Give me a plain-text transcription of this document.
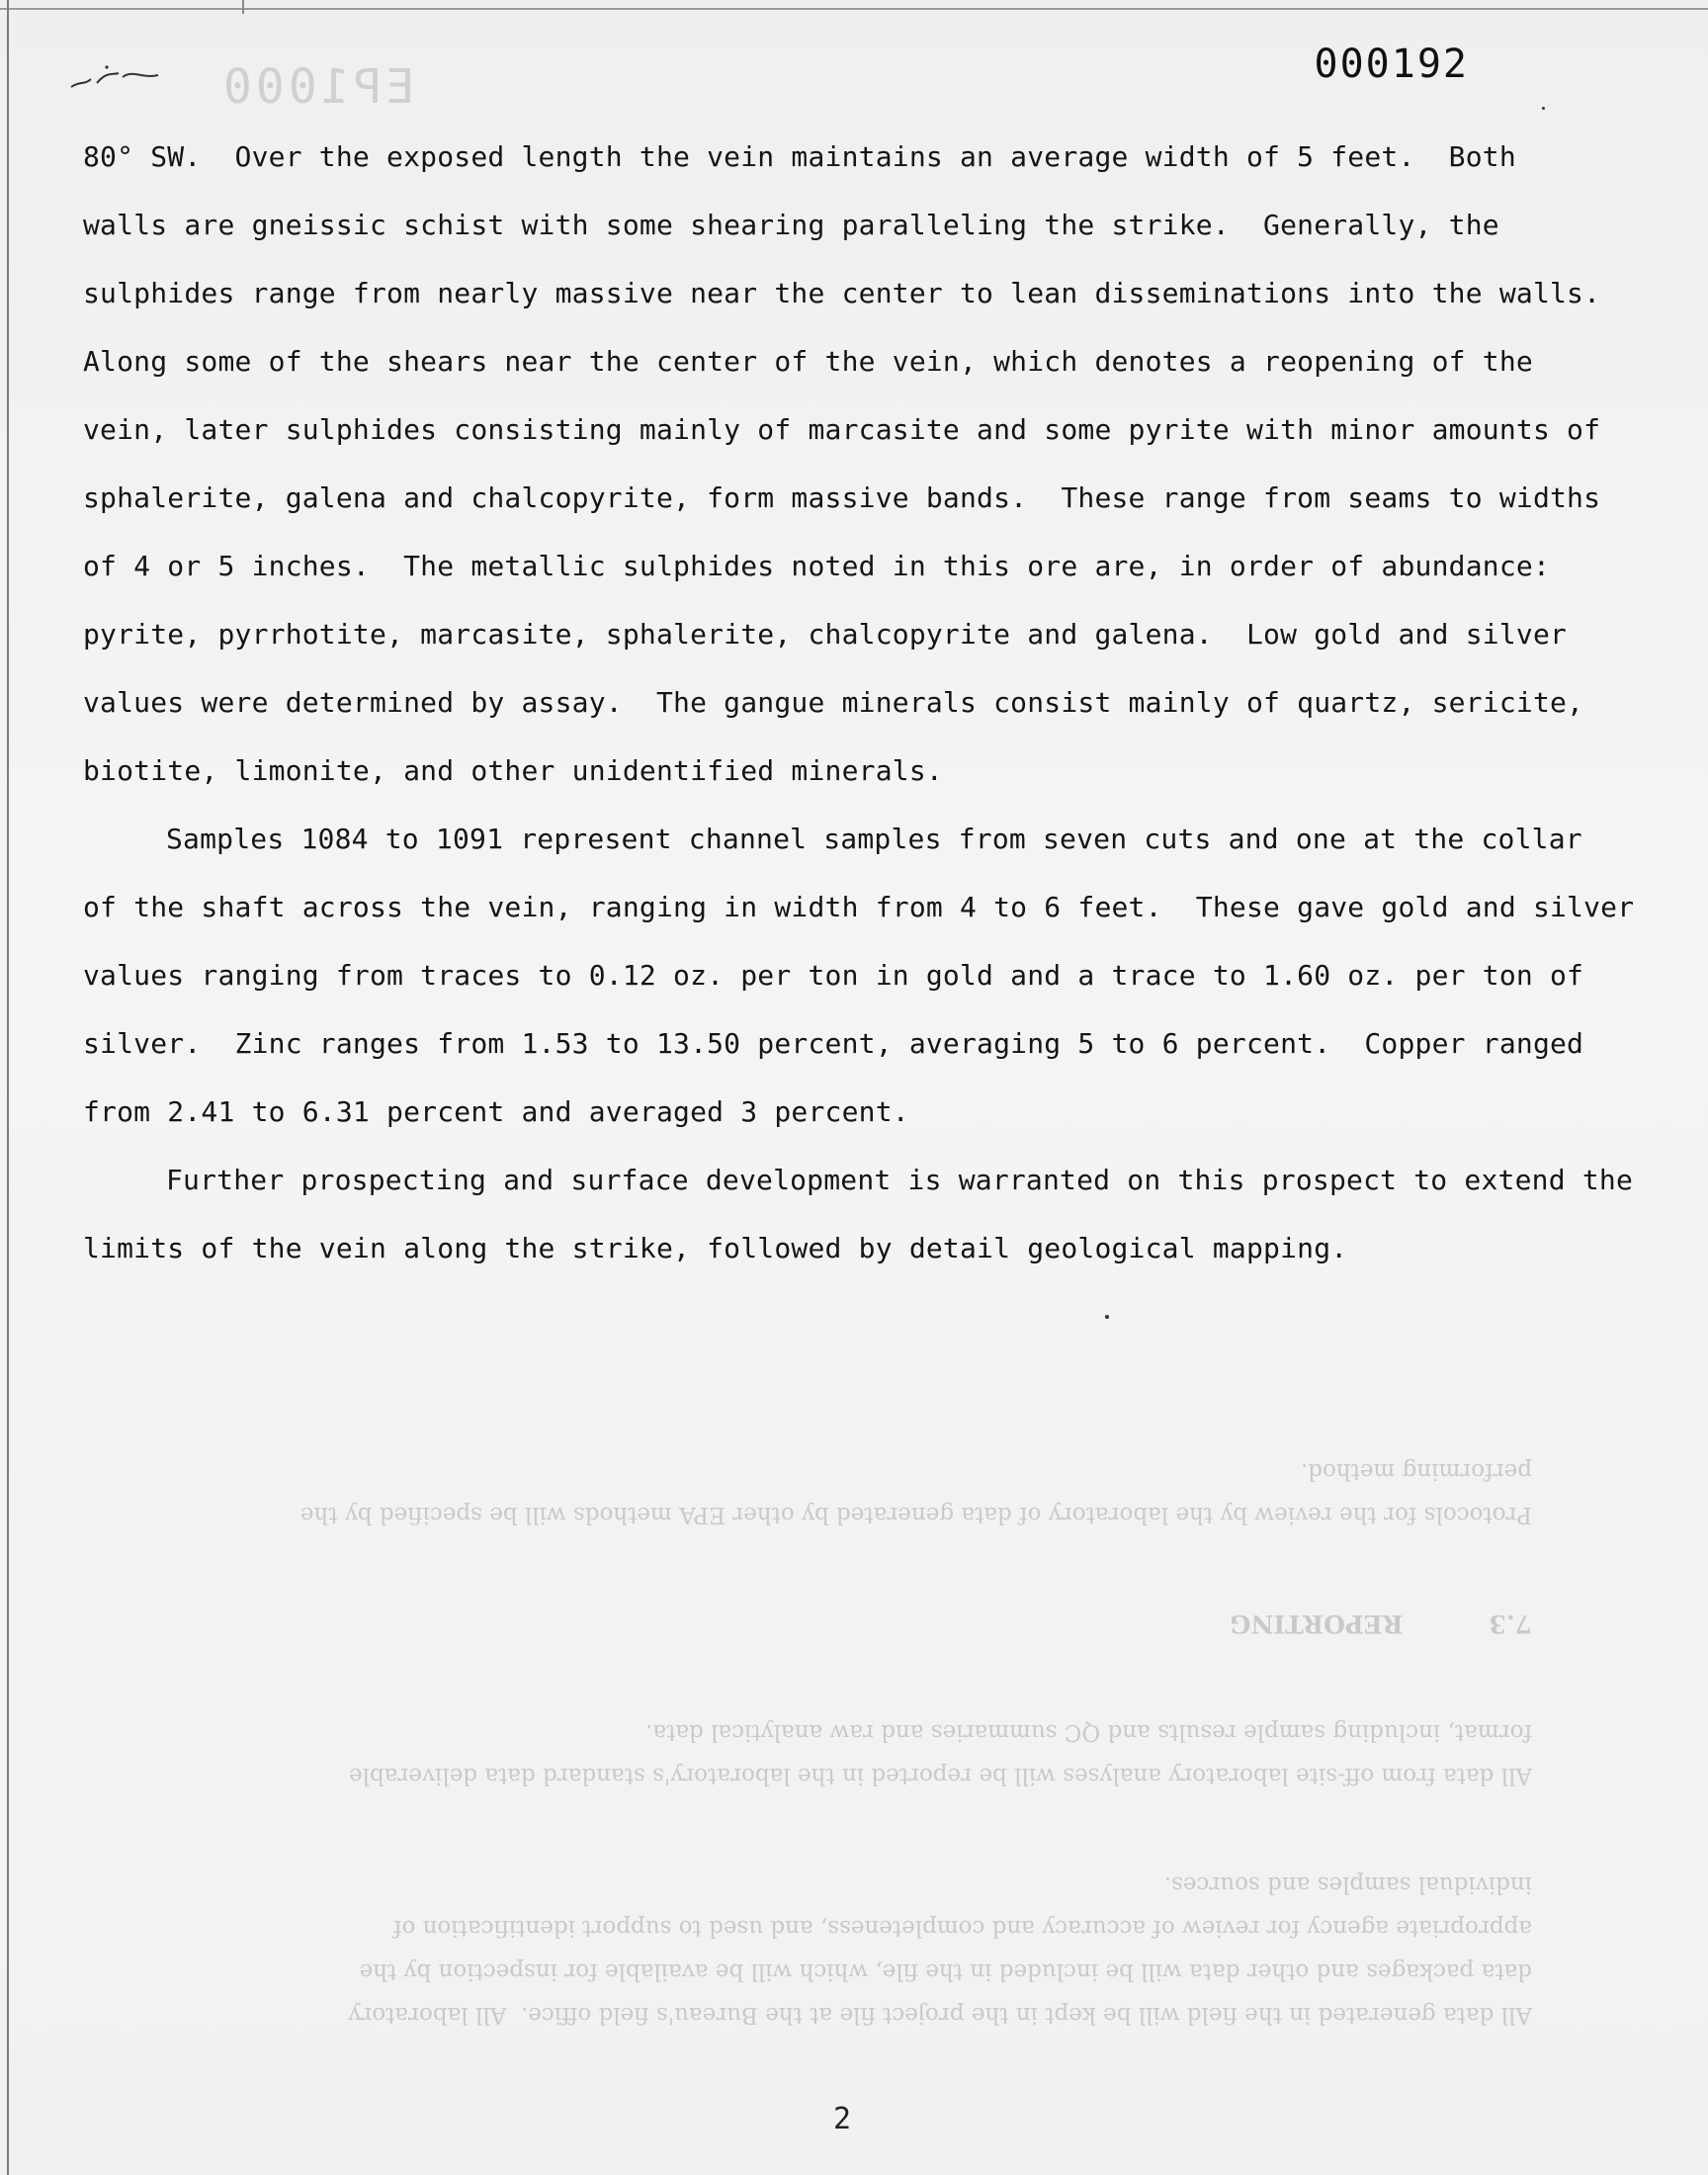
EP1000	000192
80° SW.  Over the exposed length the vein maintains an average width of 5 feet.  Both
walls are gneissic schist with some shearing paralleling the strike.  Generally, the
sulphides range from nearly massive near the center to lean disseminations into the walls.
Along some of the shears near the center of the vein, which denotes a reopening of the
vein, later sulphides consisting mainly of marcasite and some pyrite with minor amounts of
sphalerite, galena and chalcopyrite, form massive bands.  These range from seams to widths
of 4 or 5 inches.  The metallic sulphides noted in this ore are, in order of abundance:
pyrite, pyrrhotite, marcasite, sphalerite, chalcopyrite and galena.  Low gold and silver
values were determined by assay.  The gangue minerals consist mainly of quartz, sericite,
biotite, limonite, and other unidentified minerals.
Samples 1084 to 1091 represent channel samples from seven cuts and one at the collar
of the shaft across the vein, ranging in width from 4 to 6 feet.  These gave gold and silver
values ranging from traces to 0.12 oz. per ton in gold and a trace to 1.60 oz. per ton of
silver.  Zinc ranges from 1.53 to 13.50 percent, averaging 5 to 6 percent.  Copper ranged
from 2.41 to 6.31 percent and averaged 3 percent.
Further prospecting and surface development is warranted on this prospect to extend the
limits of the vein along the strike, followed by detail geological mapping.
All data generated in the field will be kept in the project file at the Bureau's field office.  All laboratory
data packages and other data will be included in the file, which will be available for inspection by the
appropriate agency for review of accuracy and completeness, and used to support identification of
individual samples and sources.
All data from off-site laboratory analyses will be reported in the laboratory's standard data deliverable
format, including sample results and QC summaries and raw analytical data.
7.3          REPORTING
Protocols for the review by the laboratory of data generated by other EPA methods will be specified by the
performing method.
2
